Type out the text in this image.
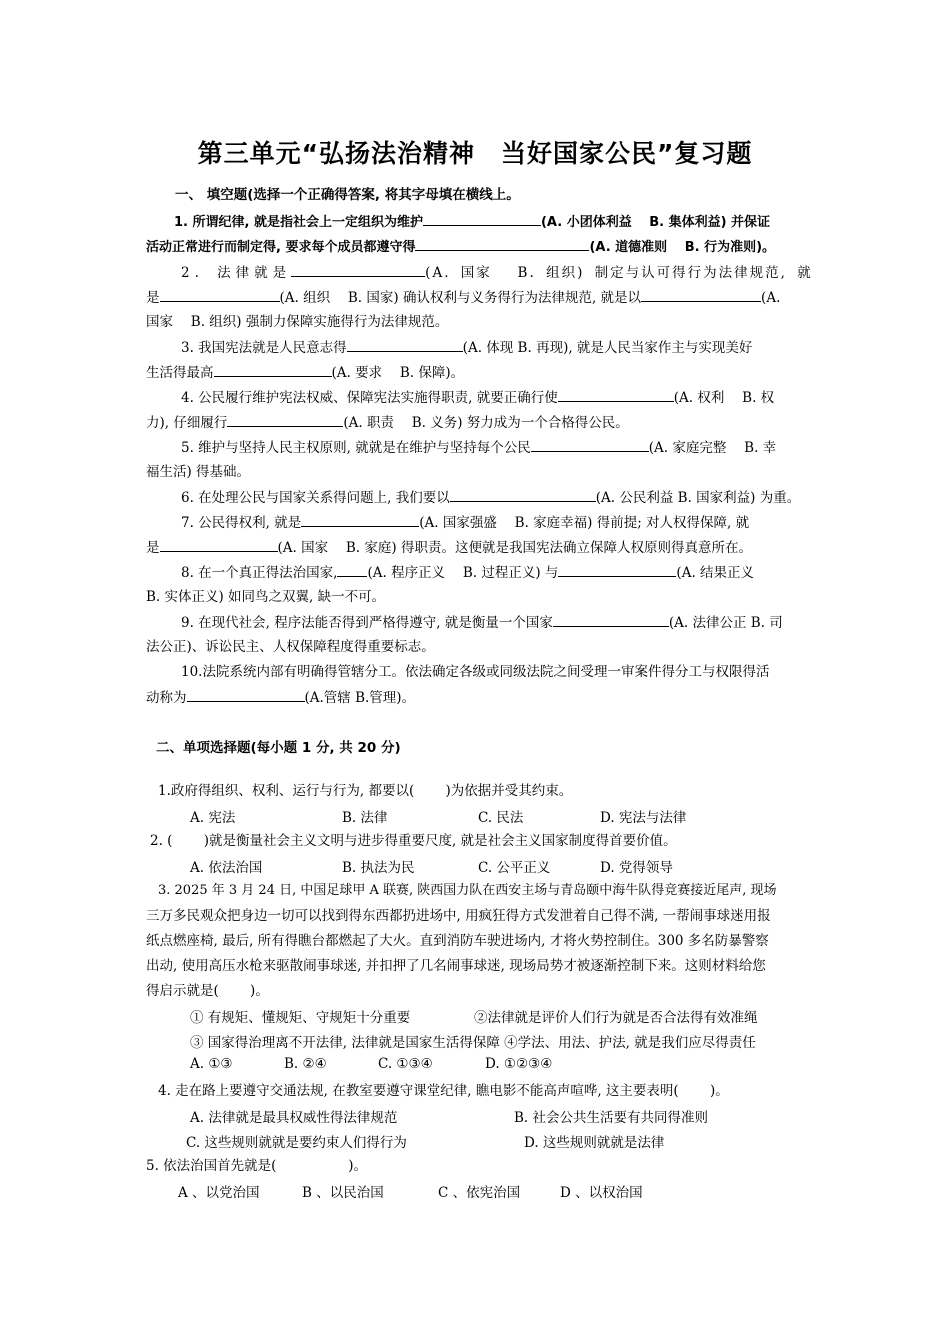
第三单元“弘扬法治精神　当好国家公民”复习题
一、 填空题(选择一个正确得答案, 将其字母填在横线上。
1. 所谓纪律, 就是指社会上一定组织为维护	(A. 小团体利益　 B. 集体利益) 并保证
活动正常进行而制定得, 要求每个成员都遵守得	(A. 道德准则　 B. 行为准则)。
2. 法律就是	(A. 国家　 B. 组织) 制定与认可得行为法律规范, 就
是	(A. 组织　 B. 国家) 确认权利与义务得行为法律规范, 就是以	(A.
国家　 B. 组织) 强制力保障实施得行为法律规范。
3. 我国宪法就是人民意志得	(A. 体现 B. 再现), 就是人民当家作主与实现美好
生活得最高	(A. 要求　 B. 保障)。
4. 公民履行维护宪法权威、保障宪法实施得职责, 就要正确行使	(A. 权利　 B. 权
力), 仔细履行	(A. 职责　 B. 义务) 努力成为一个合格得公民。
5. 维护与坚持人民主权原则, 就就是在维护与坚持每个公民	(A. 家庭完整　 B. 幸
福生活) 得基础。
6. 在处理公民与国家关系得问题上, 我们要以	(A. 公民利益 B. 国家利益) 为重。
7. 公民得权利, 就是	(A. 国家强盛　 B. 家庭幸福) 得前提; 对人权得保障, 就
是	(A. 国家　 B. 家庭) 得职责。这便就是我国宪法确立保障人权原则得真意所在。
8. 在一个真正得法治国家, (A. 程序正义　 B. 过程正义) 与	(A. 结果正义
B. 实体正义) 如同鸟之双翼, 缺一不可。
9. 在现代社会, 程序法能否得到严格得遵守, 就是衡量一个国家	(A. 法律公正 B. 司
法公正)、诉讼民主、人权保障程度得重要标志。
10.法院系统内部有明确得管辖分工。依法确定各级或同级法院之间受理一审案件得分工与权限得活
动称为	(A.管辖 B.管理)。
二、单项选择题(每小题 1 分, 共 20 分)
1.政府得组织、权利、运行与行为, 都要以(　　 )为依据并受其约束。
A. 宪法	B. 法律	C. 民法	D. 宪法与法律
2. (　　 )就是衡量社会主义文明与进步得重要尺度, 就是社会主义国家制度得首要价值。
A. 依法治国	B. 执法为民	C. 公平正义	D. 党得领导
3. 2025 年 3 月 24 日, 中国足球甲 A 联赛, 陕西国力队在西安主场与青岛颐中海牛队得竞赛接近尾声, 现场
三万多民观众把身边一切可以找到得东西都扔进场中, 用疯狂得方式发泄着自己得不满, 一帮闹事球迷用报
纸点燃座椅, 最后, 所有得瞧台都燃起了大火。直到消防车驶进场内, 才将火势控制住。300 多名防暴警察
出动, 使用高压水枪来驱散闹事球迷, 并扣押了几名闹事球迷, 现场局势才被逐渐控制下来。这则材料给您
得启示就是(　　 )。
① 有规矩、懂规矩、守规矩十分重要	②法律就是评价人们行为就是否合法得有效准绳
③ 国家得治理离不开法律, 法律就是国家生活得保障 ④学法、用法、护法, 就是我们应尽得责任
A. ①③	B. ②④	C. ①③④	D. ①②③④
4. 走在路上要遵守交通法规, 在教室要遵守课堂纪律, 瞧电影不能高声喧哗, 这主要表明(　　 )。
A. 法律就是最具权威性得法律规范	B. 社会公共生活要有共同得准则
C. 这些规则就就是要约束人们得行为	D. 这些规则就就是法律
5. 依法治国首先就是(　　　　　 )。
A 、以党治国	B 、以民治国	C 、依宪治国	D 、以权治国
